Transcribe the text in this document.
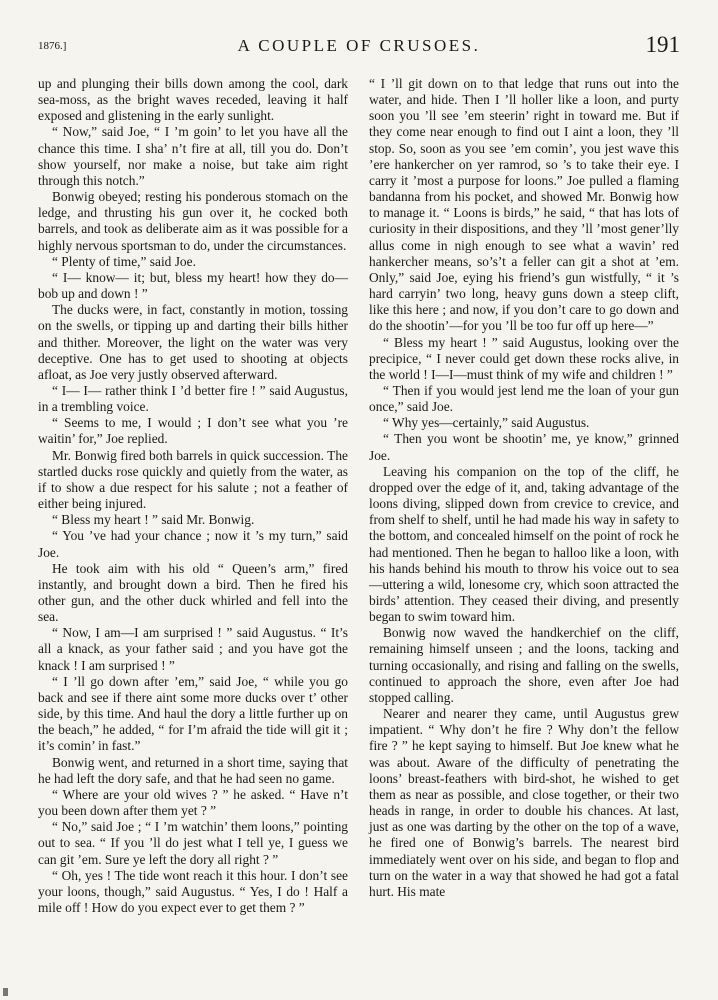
1876.]	A COUPLE OF CRUSOES.	191

up and plunging their bills down among the cool, dark sea-moss, as the bright waves receded, leaving it half exposed and glistening in the early sunlight.

“ Now,” said Joe, “ I ’m goin’ to let you have all the chance this time. I sha’ n’t fire at all, till you do. Don’t show yourself, nor make a noise, but take aim right through this notch.”

Bonwig obeyed; resting his ponderous stomach on the ledge, and thrusting his gun over it, he cocked both barrels, and took as deliberate aim as it was possible for a highly nervous sportsman to do, under the circumstances.

“ Plenty of time,” said Joe.

“ I— know— it; but, bless my heart! how they do— bob up and down ! ”

The ducks were, in fact, constantly in motion, tossing on the swells, or tipping up and darting their bills hither and thither. Moreover, the light on the water was very deceptive. One has to get used to shooting at objects afloat, as Joe very justly observed afterward.

“ I— I— rather think I ’d better fire ! ” said Augustus, in a trembling voice.

“ Seems to me, I would ; I don’t see what you ’re waitin’ for,” Joe replied.

Mr. Bonwig fired both barrels in quick succession. The startled ducks rose quickly and quietly from the water, as if to show a due respect for his salute ; not a feather of either being injured.

“ Bless my heart ! ” said Mr. Bonwig.

“ You ’ve had your chance ; now it ’s my turn,” said Joe.

He took aim with his old “ Queen’s arm,” fired instantly, and brought down a bird. Then he fired his other gun, and the other duck whirled and fell into the sea.

“ Now, I am—I am surprised ! ” said Augustus. “ It’s all a knack, as your father said ; and you have got the knack ! I am surprised ! ”

“ I ’ll go down after ’em,” said Joe, “ while you go back and see if there aint some more ducks over t’ other side, by this time. And haul the dory a little further up on the beach,” he added, “ for I’m afraid the tide will git it ; it’s comin’ in fast.”

Bonwig went, and returned in a short time, saying that he had left the dory safe, and that he had seen no game.

“ Where are your old wives ? ” he asked. “ Have n’t you been down after them yet ? ”

“ No,” said Joe ; “ I ’m watchin’ them loons,” pointing out to sea. “ If you ’ll do jest what I tell ye, I guess we can git ’em. Sure ye left the dory all right ? ”

“ Oh, yes ! The tide wont reach it this hour. I don’t see your loons, though,” said Augustus. “ Yes, I do ! Half a mile off ! How do you expect ever to get them ? ”

“ I ’ll git down on to that ledge that runs out into the water, and hide. Then I ’ll holler like a loon, and purty soon you ’ll see ’em steerin’ right in toward me. But if they come near enough to find out I aint a loon, they ’ll stop. So, soon as you see ’em comin’, you jest wave this ’ere hankercher on yer ramrod, so ’s to take their eye. I carry it ’most a purpose for loons.” Joe pulled a flaming bandanna from his pocket, and showed Mr. Bonwig how to manage it. “ Loons is birds,” he said, “ that has lots of curiosity in their dispositions, and they ’ll ’most gener’lly allus come in nigh enough to see what a wavin’ red hankercher means, so’s’t a feller can git a shot at ’em. Only,” said Joe, eying his friend’s gun wistfully, “ it ’s hard carryin’ two long, heavy guns down a steep clift, like this here ; and now, if you don’t care to go down and do the shootin’—for you ’ll be too fur off up here—”

“ Bless my heart ! ” said Augustus, looking over the precipice, “ I never could get down these rocks alive, in the world ! I—I—must think of my wife and children ! ”

“ Then if you would jest lend me the loan of your gun once,” said Joe.

“ Why yes—certainly,” said Augustus.

“ Then you wont be shootin’ me, ye know,” grinned Joe.

Leaving his companion on the top of the cliff, he dropped over the edge of it, and, taking advantage of the loons diving, slipped down from crevice to crevice, and from shelf to shelf, until he had made his way in safety to the bottom, and concealed himself on the point of rock he had mentioned. Then he began to halloo like a loon, with his hands behind his mouth to throw his voice out to sea—uttering a wild, lonesome cry, which soon attracted the birds’ attention. They ceased their diving, and presently began to swim toward him.

Bonwig now waved the handkerchief on the cliff, remaining himself unseen ; and the loons, tacking and turning occasionally, and rising and falling on the swells, continued to approach the shore, even after Joe had stopped calling.

Nearer and nearer they came, until Augustus grew impatient. “ Why don’t he fire ? Why don’t the fellow fire ? ” he kept saying to himself. But Joe knew what he was about. Aware of the difficulty of penetrating the loons’ breast-feathers with bird-shot, he wished to get them as near as possible, and close together, or their two heads in range, in order to double his chances. At last, just as one was darting by the other on the top of a wave, he fired one of Bonwig’s barrels. The nearest bird immediately went over on his side, and began to flop and turn on the water in a way that showed he had got a fatal hurt. His mate
